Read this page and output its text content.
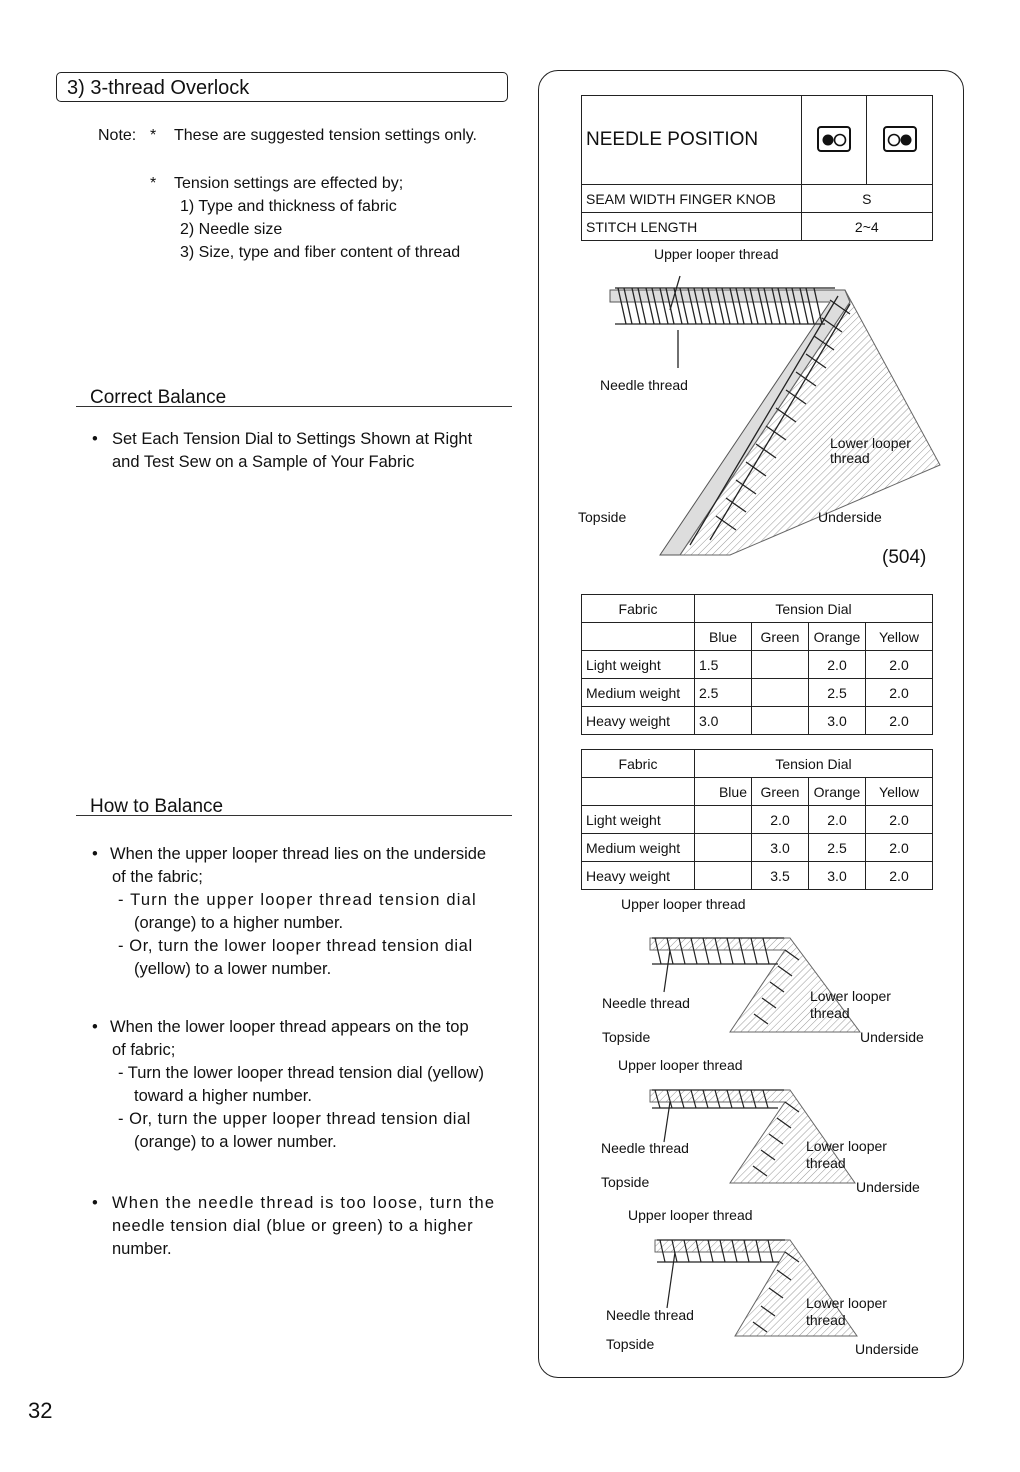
3) 3-thread Overlock
Note: * These are suggested tension settings only.
* Tension settings are effected by;
1) Type and thickness of fabric
2) Needle size
3) Size, type and fiber content of thread
Correct Balance
• Set Each Tension Dial to Settings Shown at Right
and Test Sew on a Sample of Your Fabric
How to Balance
• When the upper looper thread lies on the underside
of the fabric;
- Turn the upper looper thread tension dial
(orange) to a higher number.
- Or, turn the lower looper thread tension dial
(yellow) to a lower number.
• When the lower looper thread appears on the top
of fabric;
- Turn the lower looper thread tension dial (yellow)
toward a higher number.
- Or, turn the upper looper thread tension dial
(orange) to a lower number.
• When the needle thread is too loose, turn the
needle tension dial (blue or green) to a higher
number.
NEEDLE POSITION		
SEAM WIDTH FINGER KNOB	S	
STITCH LENGTH	2~4	
Upper looper thread
Needle thread
Lower looper
thread
Topside	Underside
(504)
Fabric	Tension Dial			
	Blue	Green	Orange	Yellow
Light weight	1.5		2.0	2.0
Medium weight	2.5		2.5	2.0
Heavy weight	3.0		3.0	2.0
Fabric	Tension Dial			
	Blue	Green	Orange	Yellow
Light weight		2.0	2.0	2.0
Medium weight		3.0	2.5	2.0
Heavy weight		3.5	3.0	2.0
Upper looper thread
Needle thread	Lower looper
thread
Topside	Underside
Upper looper thread
Needle thread	Lower looper
thread
Topside	Underside
Upper looper thread
Needle thread
Lower looper
thread
Topside	Underside
32
